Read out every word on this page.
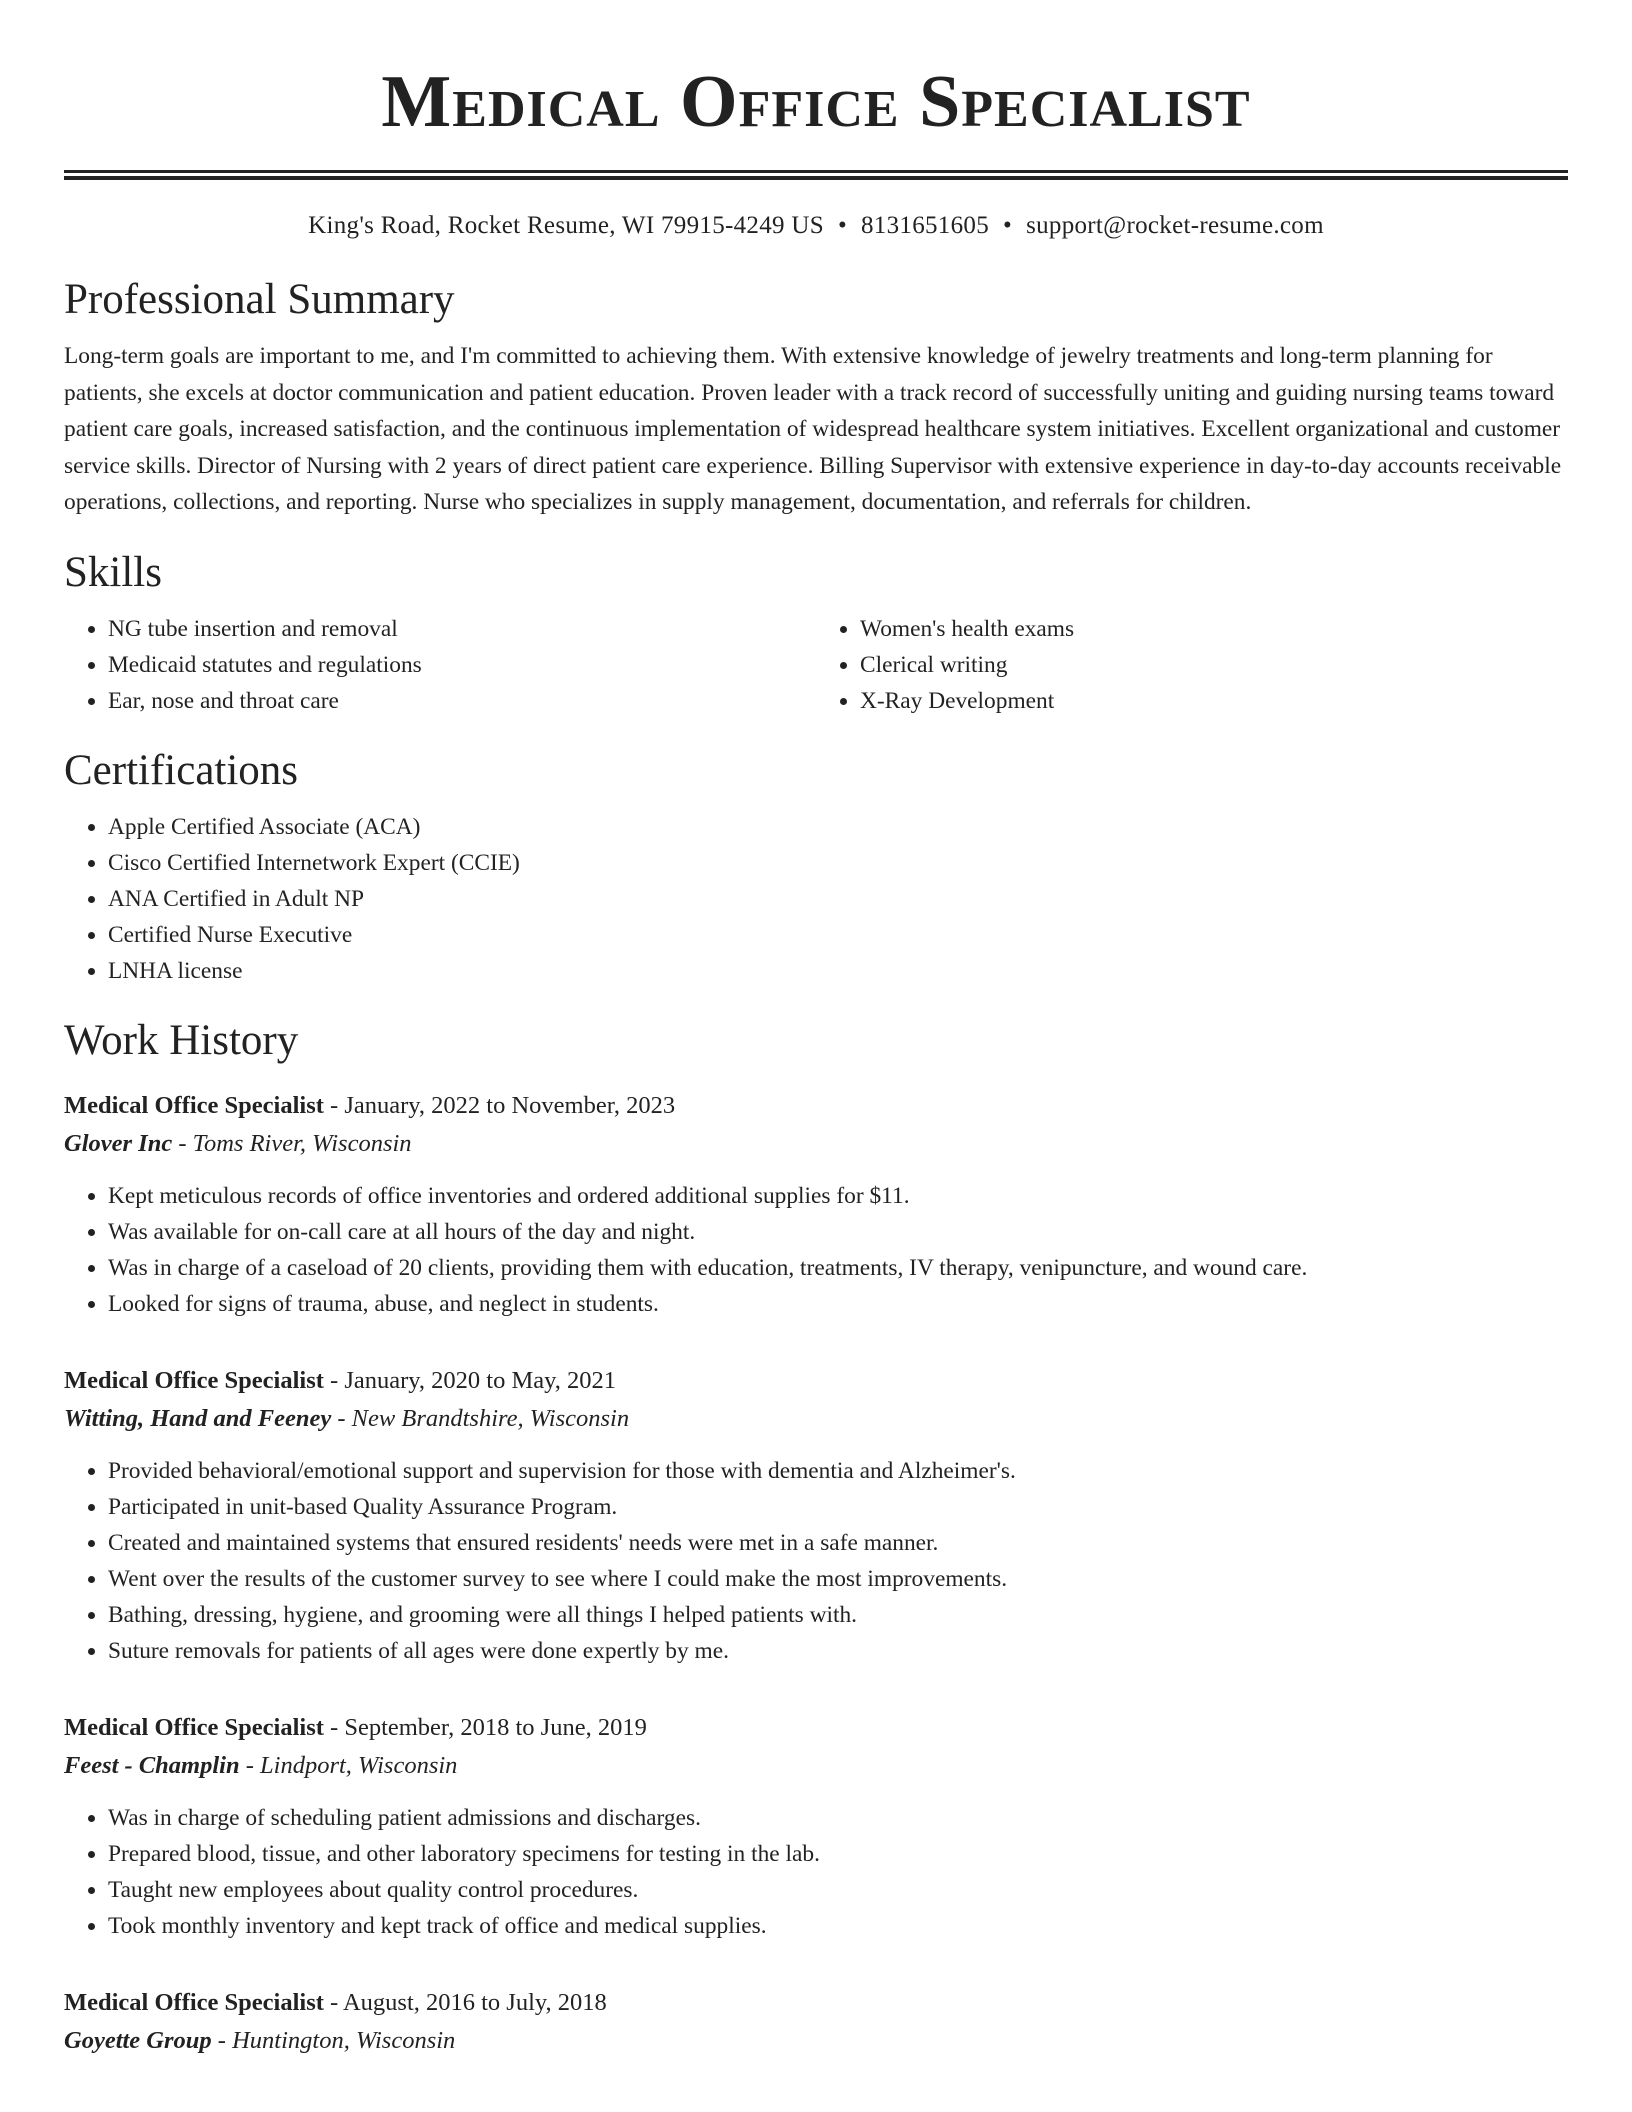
Medical Office Specialist
King's Road, Rocket Resume, WI 79915-4249 US • 8131651605 • support@rocket-resume.com
Professional Summary

Long-term goals are important to me, and I'm committed to achieving them. With extensive knowledge of jewelry treatments and long-term planning for patients, she excels at doctor communication and patient education. Proven leader with a track record of successfully uniting and guiding nursing teams toward patient care goals, increased satisfaction, and the continuous implementation of widespread healthcare system initiatives. Excellent organizational and customer service skills. Director of Nursing with 2 years of direct patient care experience. Billing Supervisor with extensive experience in day-to-day accounts receivable operations, collections, and reporting. Nurse who specializes in supply management, documentation, and referrals for children.

Skills
• NG tube insertion and removal
• Medicaid statutes and regulations
• Ear, nose and throat care
• Women's health exams
• Clerical writing
• X-Ray Development
Certifications
• Apple Certified Associate (ACA)
• Cisco Certified Internetwork Expert (CCIE)
• ANA Certified in Adult NP
• Certified Nurse Executive
• LNHA license
Work History
Medical Office Specialist - January, 2022 to November, 2023
Glover Inc - Toms River, Wisconsin
• Kept meticulous records of office inventories and ordered additional supplies for $11.
• Was available for on-call care at all hours of the day and night.
• Was in charge of a caseload of 20 clients, providing them with education, treatments, IV therapy, venipuncture, and wound care.
• Looked for signs of trauma, abuse, and neglect in students.
Medical Office Specialist - January, 2020 to May, 2021
Witting, Hand and Feeney - New Brandtshire, Wisconsin
• Provided behavioral/emotional support and supervision for those with dementia and Alzheimer's.
• Participated in unit-based Quality Assurance Program.
• Created and maintained systems that ensured residents' needs were met in a safe manner.
• Went over the results of the customer survey to see where I could make the most improvements.
• Bathing, dressing, hygiene, and grooming were all things I helped patients with.
• Suture removals for patients of all ages were done expertly by me.
Medical Office Specialist - September, 2018 to June, 2019
Feest - Champlin - Lindport, Wisconsin
• Was in charge of scheduling patient admissions and discharges.
• Prepared blood, tissue, and other laboratory specimens for testing in the lab.
• Taught new employees about quality control procedures.
• Took monthly inventory and kept track of office and medical supplies.
Medical Office Specialist - August, 2016 to July, 2018
Goyette Group - Huntington, Wisconsin
